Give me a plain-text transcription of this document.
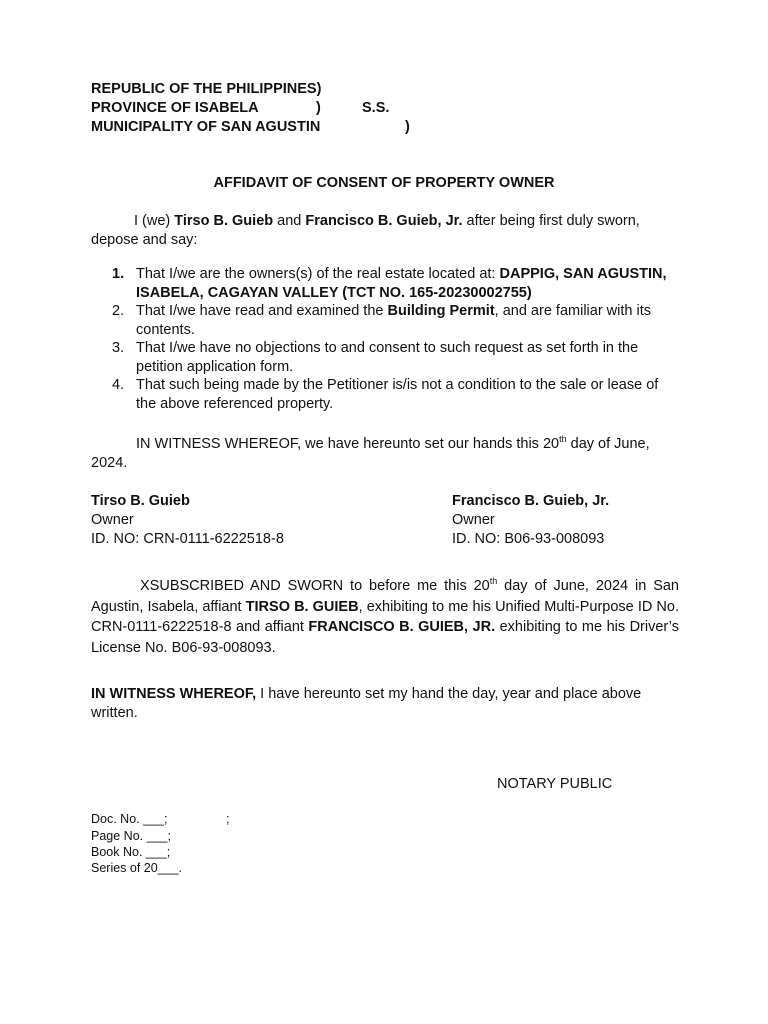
REPUBLIC OF THE PHILIPPINES)
PROVINCE OF ISABELA	)	S.S.
MUNICIPALITY OF SAN AGUSTIN	)
AFFIDAVIT OF CONSENT OF PROPERTY OWNER

I (we) Tirso B. Guieb and Francisco B. Guieb, Jr. after being first duly sworn, depose and say:

1. That I/we are the owners(s) of the real estate located at: DAPPIG, SAN AGUSTIN, ISABELA, CAGAYAN VALLEY (TCT NO. 165-20230002755)
2. That I/we have read and examined the Building Permit, and are familiar with its contents.
3. That I/we have no objections to and consent to such request as set forth in the petition application form.
4. That such being made by the Petitioner is/is not a condition to the sale or lease of the above referenced property.

IN WITNESS WHEREOF, we have hereunto set our hands this 20th day of June, 2024.

Tirso B. Guieb
Owner
ID. NO: CRN-0111-6222518-8
Francisco B. Guieb, Jr.
Owner
ID. NO: B06-93-008093

XSUBSCRIBED AND SWORN to before me this 20th day of June, 2024 in San Agustin, Isabela, affiant TIRSO B. GUIEB, exhibiting to me his Unified Multi-Purpose ID No. CRN-0111-6222518-8 and affiant FRANCISCO B. GUIEB, JR. exhibiting to me his Driver’s License No. B06-93-008093.

IN WITNESS WHEREOF, I have hereunto set my hand the day, year and place above written.

NOTARY PUBLIC
Doc. No. ___;	;
Page No. ___;
Book No. ___;
Series of 20___.
